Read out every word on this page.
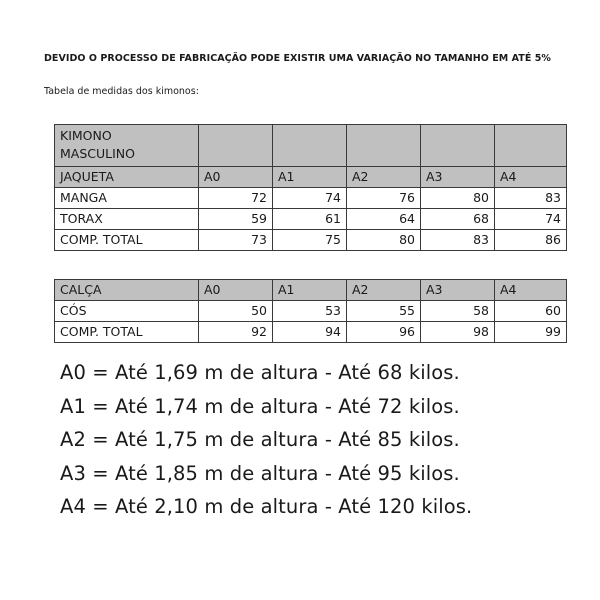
DEVIDO O PROCESSO DE FABRICAÇÃO PODE EXISTIR UMA VARIAÇÃO NO TAMANHO EM ATÉ 5%
Tabela de medidas dos kimonos:
KIMONO
MASCULINO					
JAQUETA	A0	A1	A2	A3	A4
MANGA	72	74	76	80	83
TORAX	59	61	64	68	74
COMP. TOTAL	73	75	80	83	86
CALÇA	A0	A1	A2	A3	A4
CÓS	50	53	55	58	60
COMP. TOTAL	92	94	96	98	99
A0 = Até 1,69 m de altura - Até 68 kilos.
A1 = Até 1,74 m de altura - Até 72 kilos.
A2 = Até 1,75 m de altura - Até 85 kilos.
A3 = Até 1,85 m de altura - Até 95 kilos.
A4 = Até 2,10 m de altura - Até 120 kilos.
